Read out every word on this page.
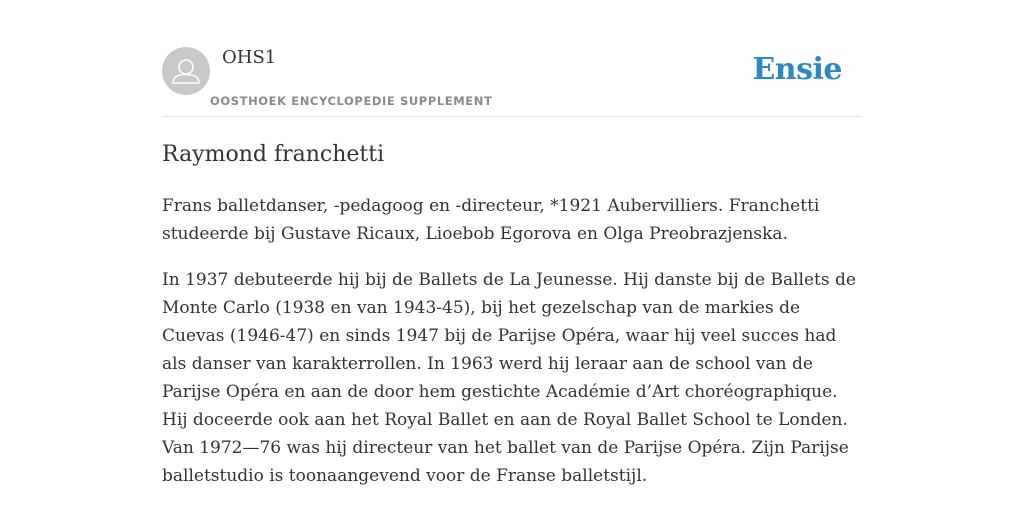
OHS1
OOSTHOEK ENCYCLOPEDIE SUPPLEMENT
Ensie
Raymond franchetti

Frans balletdanser, -pedagoog en -directeur, *1921 Aubervilliers. Franchetti studeerde bij Gustave Ricaux, Lioebob Egorova en Olga Preobrazjenska.

In 1937 debuteerde hij bij de Ballets de La Jeunesse. Hij danste bij de Ballets de Monte Carlo (1938 en van 1943-45), bij het gezelschap van de markies de Cuevas (1946-47) en sinds 1947 bij de Parijse Opéra, waar hij veel succes had als danser van karakterrollen. In 1963 werd hij leraar aan de school van de Parijse Opéra en aan de door hem gestichte Académie d’Art choréographique. Hij doceerde ook aan het Royal Ballet en aan de Royal Ballet School te Londen. Van 1972—76 was hij directeur van het ballet van de Parijse Opéra. Zijn Parijse balletstudio is toonaangevend voor de Franse balletstijl.
